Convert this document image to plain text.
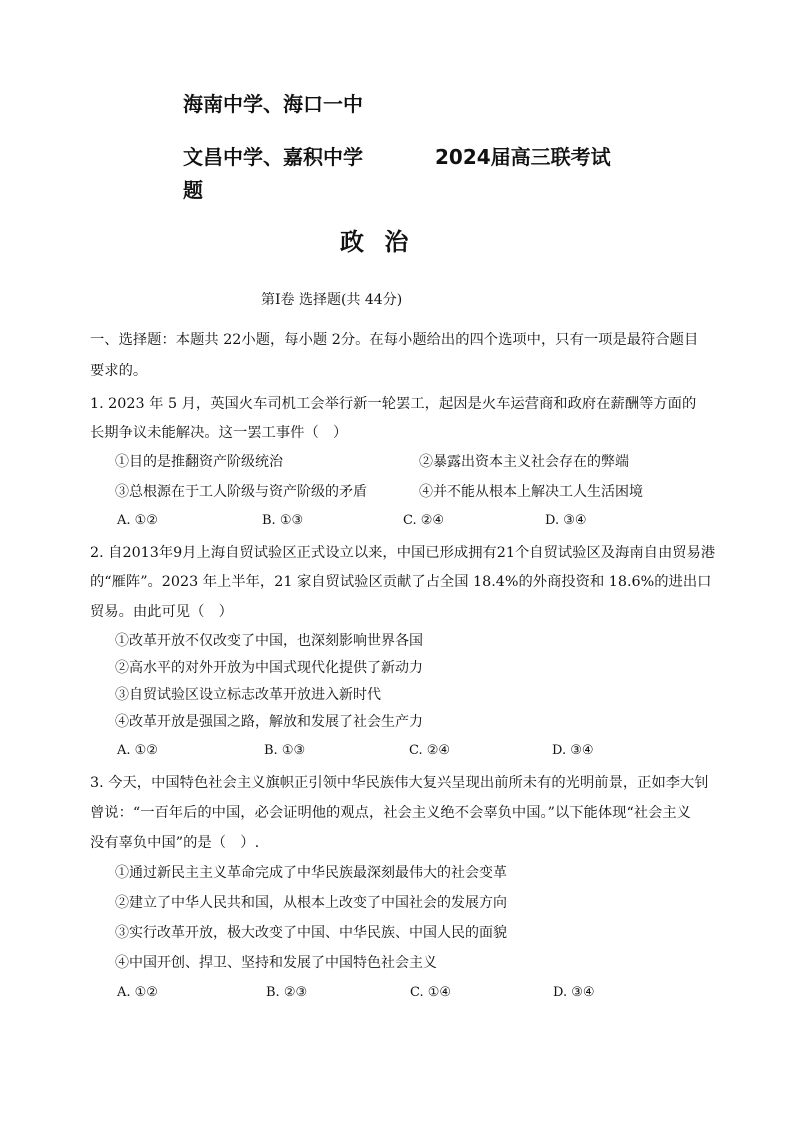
海南中学、海口一中
文昌中学、嘉积中学	2024届高三联考试
题
政 治
第Ⅰ卷 选择题(共 44分)
一、选择题：本题共 22小题，每小题 2分。在每小题给出的四个选项中，只有一项是最符合题目
要求的。
1. 2023 年 5 月，英国火车司机工会举行新一轮罢工，起因是火车运营商和政府在薪酬等方面的
长期争议未能解决。这一罢工事件（　）
①目的是推翻资产阶级统治	②暴露出资本主义社会存在的弊端
③总根源在于工人阶级与资产阶级的矛盾	④并不能从根本上解决工人生活困境
A. ①②	B. ①③	C. ②④	D. ③④
2. 自2013年9月上海自贸试验区正式设立以来，中国已形成拥有21个自贸试验区及海南自由贸易港
的“雁阵”。2023 年上半年，21 家自贸试验区贡献了占全国 18.4%的外商投资和 18.6%的进出口
贸易。由此可见（　）
①改革开放不仅改变了中国，也深刻影响世界各国
②高水平的对外开放为中国式现代化提供了新动力
③自贸试验区设立标志改革开放进入新时代
④改革开放是强国之路，解放和发展了社会生产力
A. ①②	B. ①③	C. ②④	D. ③④
3. 今天，中国特色社会主义旗帜正引领中华民族伟大复兴呈现出前所未有的光明前景，正如李大钊
曾说：“一百年后的中国，必会证明他的观点，社会主义绝不会辜负中国。”以下能体现“社会主义
没有辜负中国”的是（　）.
①通过新民主主义革命完成了中华民族最深刻最伟大的社会变革
②建立了中华人民共和国，从根本上改变了中国社会的发展方向
③实行改革开放，极大改变了中国、中华民族、中国人民的面貌
④中国开创、捍卫、坚持和发展了中国特色社会主义
A. ①②	B. ②③	C. ①④	D. ③④
